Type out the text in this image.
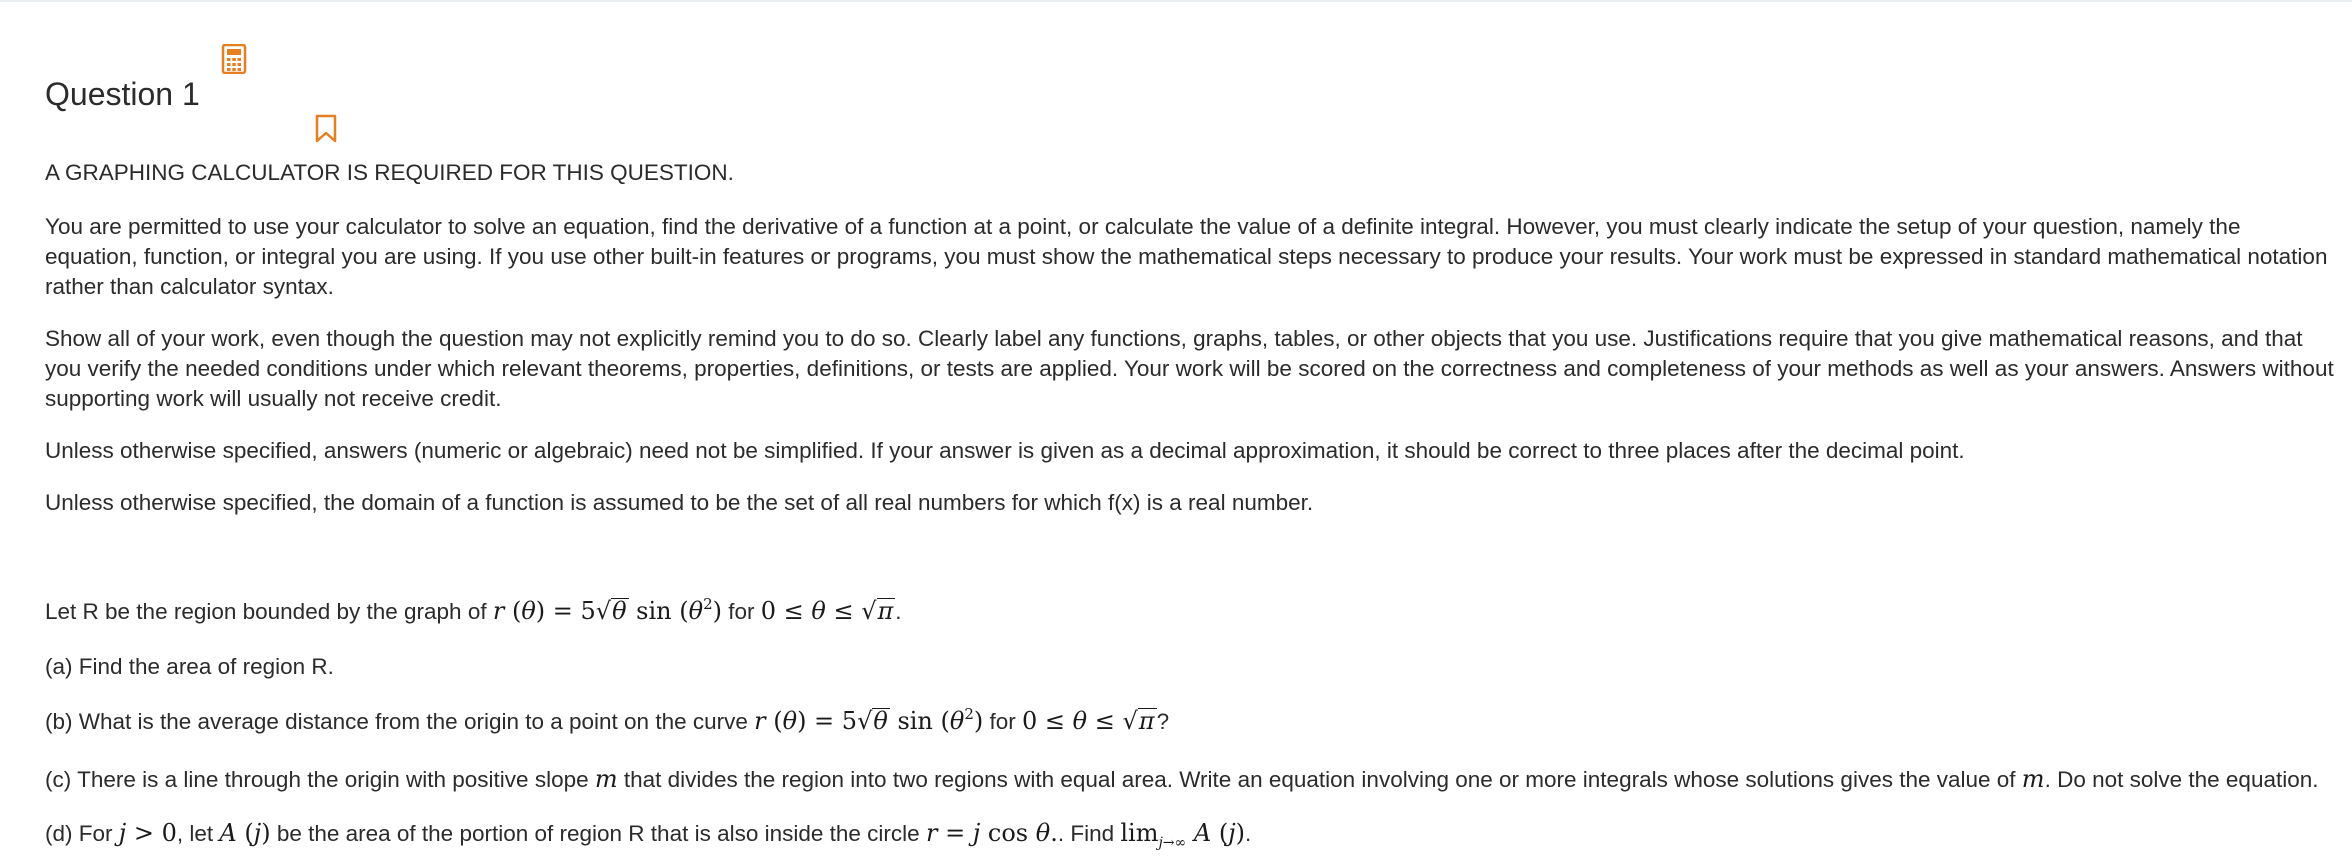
Question 1

A GRAPHING CALCULATOR IS REQUIRED FOR THIS QUESTION.

You are permitted to use your calculator to solve an equation, find the derivative of a function at a point, or calculate the value of a definite integral. However, you must clearly indicate the setup of your question, namely the equation, function, or integral you are using. If you use other built-in features or programs, you must show the mathematical steps necessary to produce your results. Your work must be expressed in standard mathematical notation rather than calculator syntax.

Show all of your work, even though the question may not explicitly remind you to do so. Clearly label any functions, graphs, tables, or other objects that you use. Justifications require that you give mathematical reasons, and that you verify the needed conditions under which relevant theorems, properties, definitions, or tests are applied. Your work will be scored on the correctness and completeness of your methods as well as your answers. Answers without supporting work will usually not receive credit.

Unless otherwise specified, answers (numeric or algebraic) need not be simplified. If your answer is given as a decimal approximation, it should be correct to three places after the decimal point.

Unless otherwise specified, the domain of a function is assumed to be the set of all real numbers for which f(x) is a real number.

Let R be the region bounded by the graph of r (θ) = 5√θ $\sin (\theta^2)$ for 0 ≤ θ ≤ √π.

(a) Find the area of region R.

(b) What is the average distance from the origin to a point on the curve r (θ) = 5√θ $\sin (\theta^2)$ for 0 ≤ θ ≤ √π?

(c) There is a line through the origin with positive slope m that divides the region into two regions with equal area. Write an equation involving one or more integrals whose solutions gives the value of m. Do not solve the equation.

(d) For j > 0, let A (j) be the area of the portion of region R that is also inside the circle r = j cos θ.. Find $\lim_{j\to\infty} A$ (j).
